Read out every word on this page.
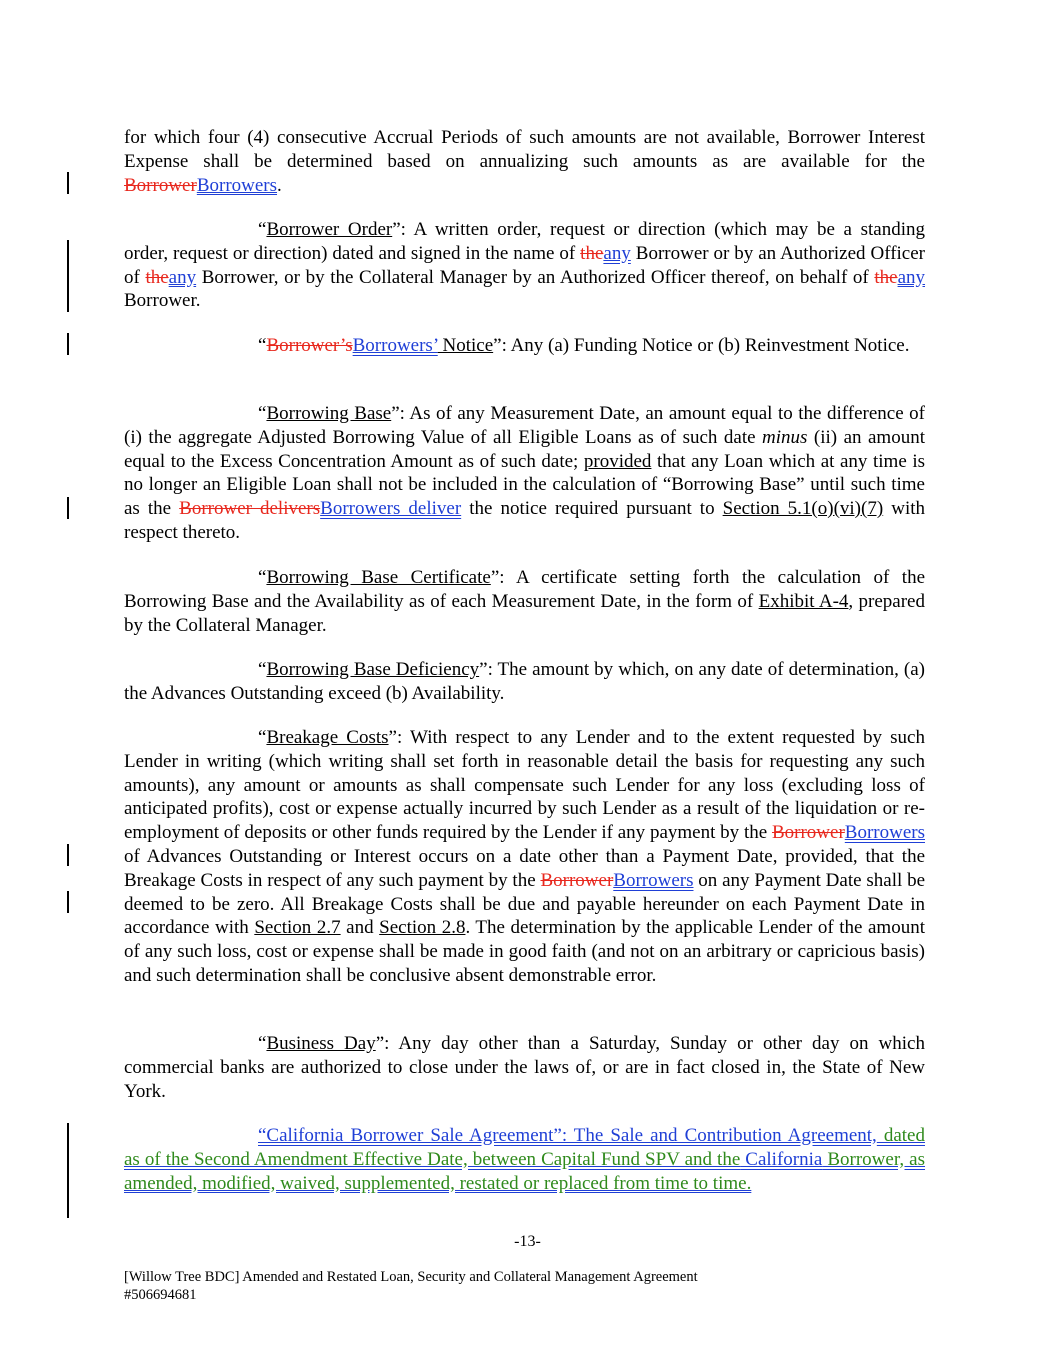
for which four (4) consecutive Accrual Periods of such amounts are not available, Borrower Interest Expense shall be determined based on annualizing such amounts as are available for the BorrowerBorrowers.
“Borrower Order”: A written order, request or direction (which may be a standing order, request or direction) dated and signed in the name of theany Borrower or by an Authorized Officer of theany Borrower, or by the Collateral Manager by an Authorized Officer thereof, on behalf of theany Borrower.
“Borrower’sBorrowers’ Notice”: Any (a) Funding Notice or (b) Reinvestment Notice.
“Borrowing Base”: As of any Measurement Date, an amount equal to the difference of (i) the aggregate Adjusted Borrowing Value of all Eligible Loans as of such date minus (ii) an amount equal to the Excess Concentration Amount as of such date; provided that any Loan which at any time is no longer an Eligible Loan shall not be included in the calculation of “Borrowing Base” until such time as the Borrower deliversBorrowers deliver the notice required pursuant to Section 5.1(o)(vi)(7) with respect thereto.
“Borrowing Base Certificate”: A certificate setting forth the calculation of the Borrowing Base and the Availability as of each Measurement Date, in the form of Exhibit A-4, prepared by the Collateral Manager.
“Borrowing Base Deficiency”: The amount by which, on any date of determination, (a) the Advances Outstanding exceed (b) Availability.
“Breakage Costs”: With respect to any Lender and to the extent requested by such Lender in writing (which writing shall set forth in reasonable detail the basis for requesting any such amounts), any amount or amounts as shall compensate such Lender for any loss (excluding loss of anticipated profits), cost or expense actually incurred by such Lender as a result of the liquidation or re-employment of deposits or other funds required by the Lender if any payment by the BorrowerBorrowers of Advances Outstanding or Interest occurs on a date other than a Payment Date, provided, that the Breakage Costs in respect of any such payment by the BorrowerBorrowers on any Payment Date shall be deemed to be zero. All Breakage Costs shall be due and payable hereunder on each Payment Date in accordance with Section 2.7 and Section 2.8. The determination by the applicable Lender of the amount of any such loss, cost or expense shall be made in good faith (and not on an arbitrary or capricious basis) and such determination shall be conclusive absent demonstrable error.
“Business Day”: Any day other than a Saturday, Sunday or other day on which commercial banks are authorized to close under the laws of, or are in fact closed in, the State of New York.
“California Borrower Sale Agreement”: The Sale and Contribution Agreement, dated as of the Second Amendment Effective Date, between Capital Fund SPV and the California Borrower, as amended, modified, waived, supplemented, restated or replaced from time to time.
-13-
[Willow Tree BDC] Amended and Restated Loan, Security and Collateral Management Agreement
#506694681
